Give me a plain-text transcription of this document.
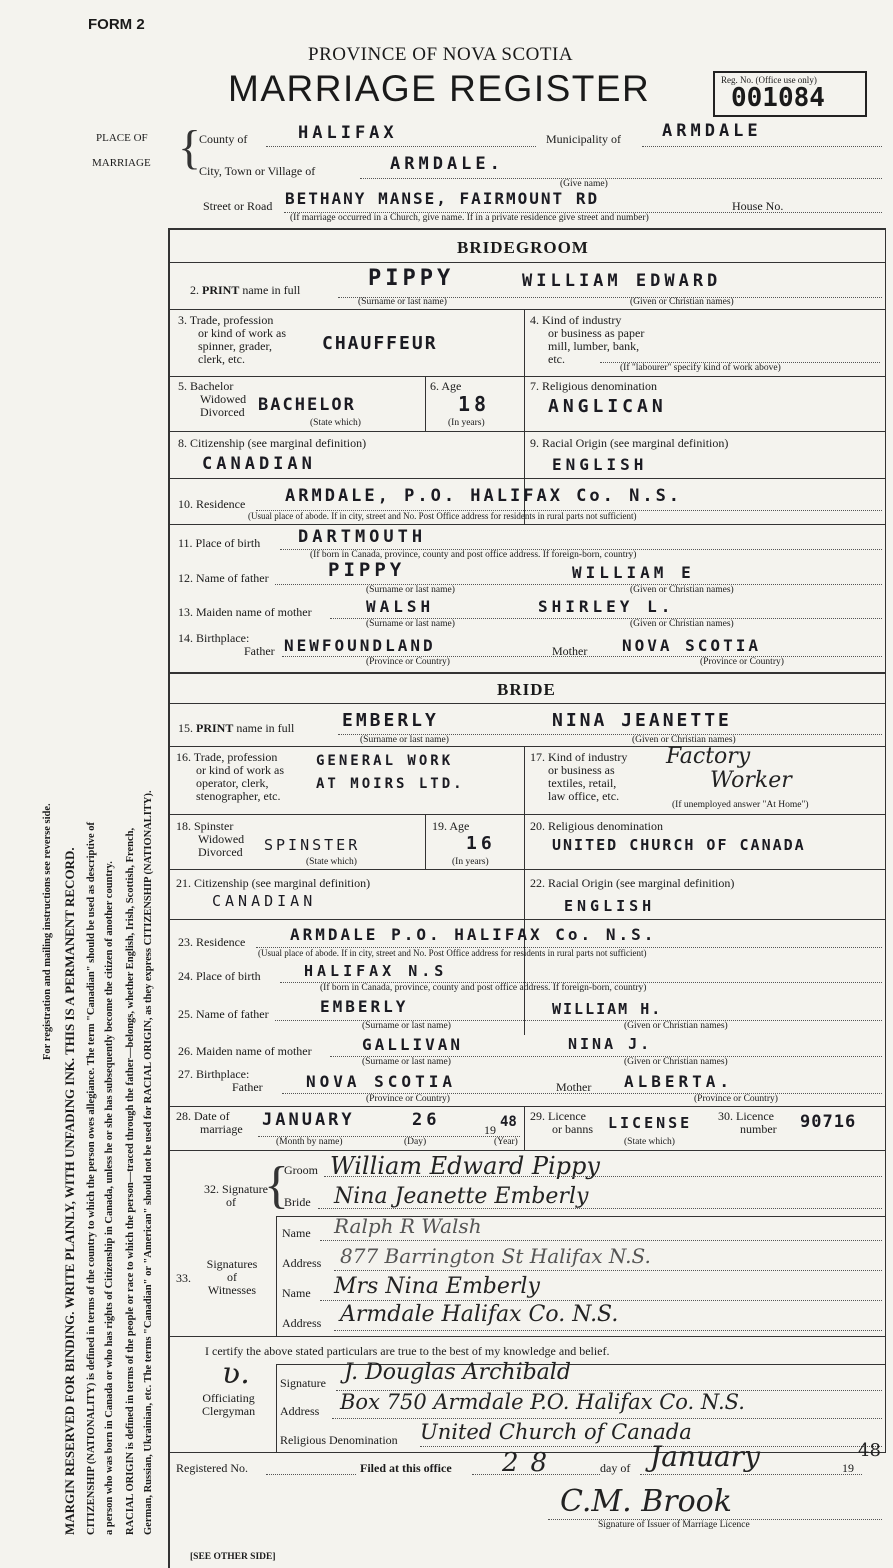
FORM 2
PROVINCE OF NOVA SCOTIA
MARRIAGE REGISTER	Reg. No. (Office use only)
001084
PLACE OF
MARRIAGE {
County of	HALIFAX	Municipality of ARMDALE
City, Town or Village of	ARMDALE.
(Give name)
Street or Road BETHANY MANSE, FAIRMOUNT RD	House No.
(If marriage occurred in a Church, give name. If in a private residence give street and number)
For registration and mailing instructions see reverse side. MARGIN RESERVED FOR BINDING. WRITE PLAINLY, WITH UNFADING INK. THIS IS A PERMANENT RECORD. CITIZENSHIP (NATIONALITY) is defined in terms of the country to which the person owes allegiance. The term "Canadian" should be used as descriptive of a person who was born in Canada or who has rights of Citizenship in Canada, unless he or she has subsequently become the citizen of another country. RACIAL ORIGIN is defined in terms of the people or race to which the person—traced through the father—belongs, whether English, Irish, Scottish, French, German, Russian, Ukrainian, etc. The terms "Canadian" or "American" should not be used for RACIAL ORIGIN, as they express CITIZENSHIP (NATIONALITY).
BRIDEGROOM
2. PRINT name in full	PIPPY	WILLIAM EDWARD
(Surname or last name)	(Given or Christian names)
3. Trade, profession
or kind of work as
spinner, grader,
clerk, etc.
CHAUFFEUR
4. Kind of industry
or business as paper
mill, lumber, bank,
etc.
(If "labourer" specify kind of work above)
5. Bachelor
Widowed
Divorced BACHELOR
(State which)
6. Age
18
(In years)
7. Religious denomination
ANGLICAN
8. Citizenship (see marginal definition)
CANADIAN
9. Racial Origin (see marginal definition)
ENGLISH
10. Residence ARMDALE, P.O. HALIFAX Co. N.S.
(Usual place of abode. If in city, street and No. Post Office address for residents in rural parts not sufficient)
11. Place of birth DARTMOUTH
(If born in Canada, province, county and post office address. If foreign-born, country)
12. Name of father	PIPPY	WILLIAM E
(Surname or last name)	(Given or Christian names)
13. Maiden name of mother	WALSH	SHIRLEY L.
(Surname or last name)	(Given or Christian names)
14. Birthplace:
Father NEWFOUNDLAND	Mother NOVA SCOTIA
(Province or Country)	(Province or Country)
BRIDE
15. PRINT name in full	EMBERLY	NINA JEANETTE
(Surname or last name)	(Given or Christian names)
16. Trade, profession
or kind of work as
operator, clerk,
stenographer, etc.
GENERAL WORK
AT MOIRS LTD.
17. Kind of industry
or business as
textiles, retail,
law office, etc.
Factory
Worker
(If unemployed answer "At Home")
18. Spinster
Widowed
Divorced SPINSTER
(State which)
19. Age
16
(In years)
20. Religious denomination
UNITED CHURCH OF CANADA
21. Citizenship (see marginal definition)
CANADIAN
22. Racial Origin (see marginal definition)
ENGLISH
23. Residence	ARMDALE P.O. HALIFAX Co. N.S.
(Usual place of abode. If in city, street and No. Post Office address for residents in rural parts not sufficient)
24. Place of birth	HALIFAX N.S
(If born in Canada, province, county and post office address. If foreign-born, country)
25. Name of father	EMBERLY	WILLIAM H.
(Surname or last name)	(Given or Christian names)
26. Maiden name of mother	GALLIVAN	NINA J.
(Surname or last name)	(Given or Christian names)
27. Birthplace:
Father	NOVA SCOTIA	Mother ALBERTA.
(Province or Country)	(Province or Country)
28. Date of
marriage JANUARY	26	19 48
(Month by name)	(Day)	(Year)
29. Licence
or banns LICENSE
(State which)
30. Licence
number 90716
32. Signature
of {
Groom William Edward Pippy
Bride Nina Jeanette Emberly
Signatures
of
Witnesses
33.
Name Ralph R Walsh
Address 877 Barrington St Halifax N.S.
Name Mrs Nina Emberly
Address Armdale Halifax Co. N.S.
I certify the above stated particulars are true to the best of my knowledge and belief.
Officiating
Clergyman
ʋ.	Signature J. Douglas Archibald
Address Box 750 Armdale P.O. Halifax Co. N.S.
Religious Denomination United Church of Canada
Registered No.	Filed at this office 28	day of January	19
48
C.M. Brook
Signature of Issuer of Marriage Licence
[SEE OTHER SIDE]
